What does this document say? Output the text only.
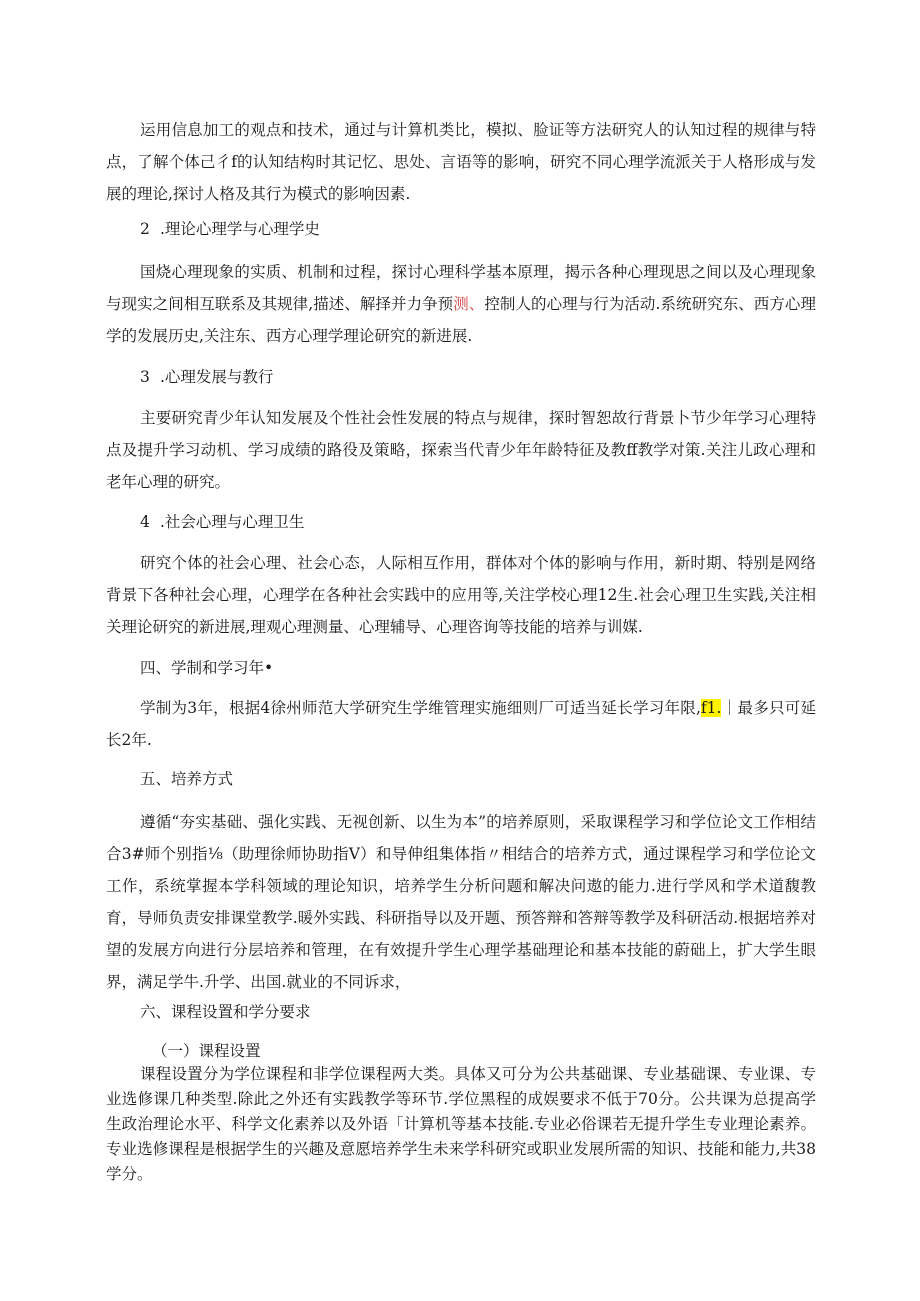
运用信息加工的观点和技术，通过与计算机类比，模拟、脸证等方法研究人的认知过程的规律与特点，了解个体己彳f的认知结构时其记忆、思处、言语等的影响，研究不同心理学流派关于人格形成与发展的理论,探讨人格及其行为模式的影响因素.

2 .理论心理学与心理学史

国烧心理现象的实质、机制和过程，探讨心理科学基本原理，揭示各种心理现思之间以及心理现象与现实之间相互联系及其规律,描述、解择并力争预测、控制人的心理与行为活动.系统研究东、西方心理学的发展历史,关注东、西方心理学理论研究的新进展.

3 .心理发展与教行

主要研究青少年认知发展及个性社会性发展的特点与规律，探时智恕故行背景卜节少年学习心理特点及提升学习动机、学习成绩的路役及策略，探索当代青少年年龄特征及教ff教学对策.关注儿政心理和老年心理的研究。

4 .社会心理与心理卫生

研究个体的社会心理、社会心态，人际相互作用，群体对个体的影响与作用，新时期、特别是网络背景下各种社会心理，心理学在各种社会实践中的应用等,关注学校心理12生.社会心理卫生实践,关注相关理论研究的新进展,理观心理测量、心理辅导、心理咨询等技能的培养与训媒.

四、学制和学习年•

学制为3年，根据4徐州师范大学研究生学维管理实施细则厂可适当延长学习年限,f1.｜最多只可延长2年.

五、培养方式

遵循“夯实基础、强化实践、无视创新、以生为本”的培养原则，采取课程学习和学位论文工作相结合3#师个别指⅛（助理徐师协助指V）和导伸组集体指〃相结合的培养方式，通过课程学习和学位论文工作，系统掌握本学科领域的理论知识，培养学生分析问题和解决问遨的能力.进行学风和学术道馥教育，导师负责安排课堂教学.暖外实践、科研指导以及开题、预答辩和答辩等教学及科研活动.根据培养对望的发展方向进行分层培养和管理，在有效提升学生心理学基础理论和基本技能的蔚础上，扩大学生眼界，满足学牛.升学、出国.就业的不同诉求，

六、课程设置和学分要求
（一）课程设置

课程设置分为学位课程和非学位课程两大类。具体又可分为公共基础课、专业基础课、专业课、专业选修课几种类型.除此之外还有实践教学等环节.学位黑程的成娱要求不低于70分。公共课为总提高学生政治理论水平、科学文化素养以及外语「计算机等基本技能.专业必俗课若无提升学生专业理论素养。专业选修课程是根据学生的兴趣及意愿培养学生未来学科研究或职业发展所需的知识、技能和能力,共38学分。
